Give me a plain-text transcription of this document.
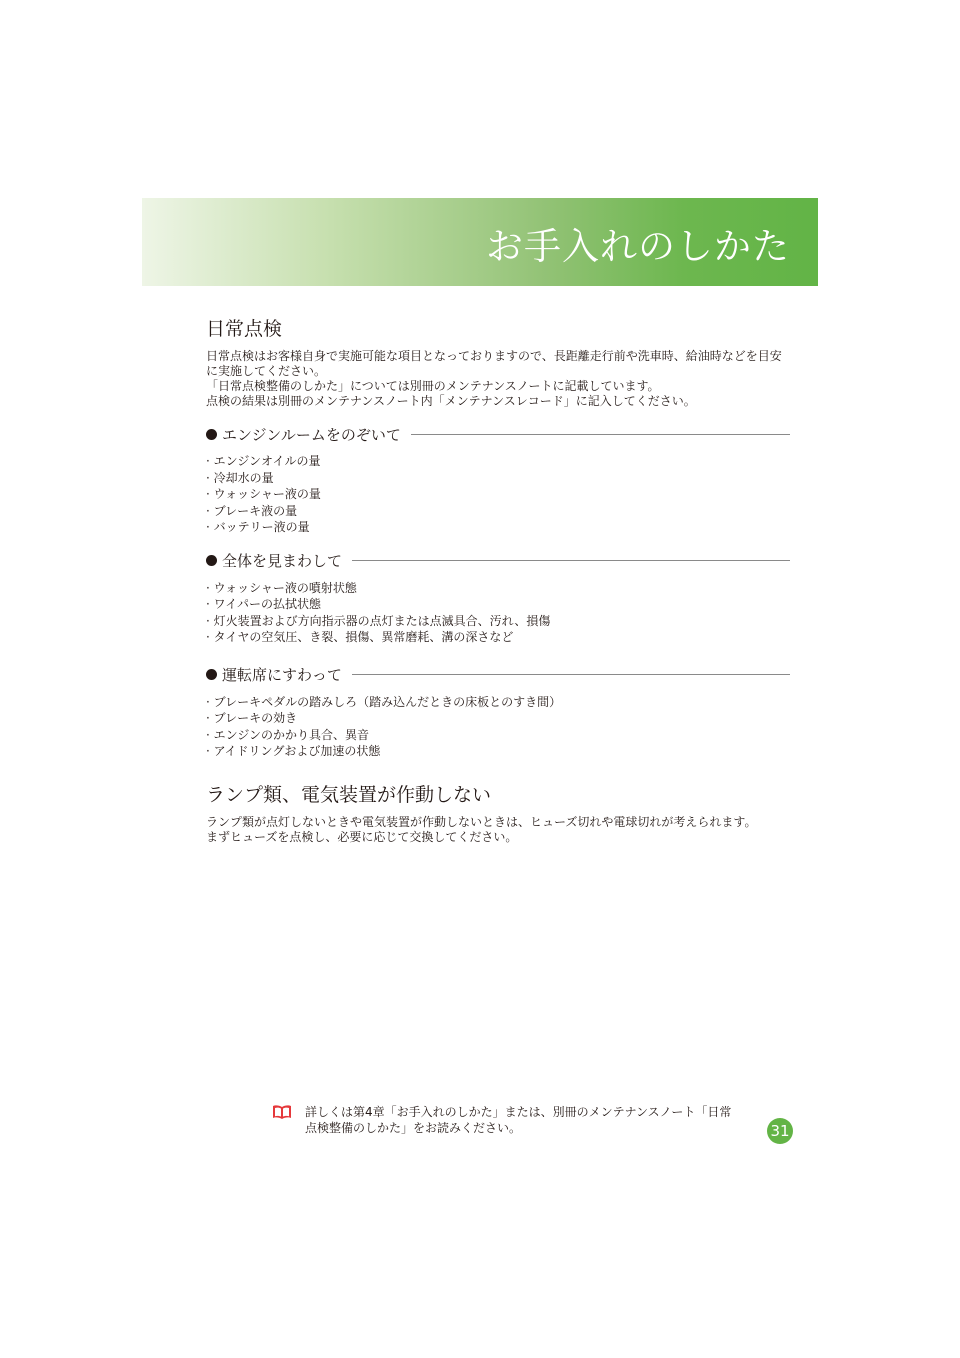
お手入れのしかた
日常点検

日常点検はお客様自身で実施可能な項目となっておりますので、長距離走行前や洗車時、給油時などを目安に実施してください。

「日常点検整備のしかた」については別冊のメンテナンスノートに記載しています。

点検の結果は別冊のメンテナンスノート内「メンテナンスレコード」に記入してください。

エンジンルームをのぞいて
· エンジンオイルの量
· 冷却水の量
· ウォッシャー液の量
· ブレーキ液の量
· バッテリー液の量
全体を見まわして
· ウォッシャー液の噴射状態
· ワイパーの払拭状態
· 灯火装置および方向指示器の点灯または点滅具合、汚れ、損傷
· タイヤの空気圧、き裂、損傷、異常磨耗、溝の深さなど
運転席にすわって
· ブレーキペダルの踏みしろ（踏み込んだときの床板とのすき間）
· ブレーキの効き
· エンジンのかかり具合、異音
· アイドリングおよび加速の状態
ランプ類、電気装置が作動しない

ランプ類が点灯しないときや電気装置が作動しないときは、ヒューズ切れや電球切れが考えられます。

まずヒューズを点検し、必要に応じて交換してください。

詳しくは第4章「お手入れのしかた」または、別冊のメンテナンスノート「日常点検整備のしかた」をお読みください。	31
